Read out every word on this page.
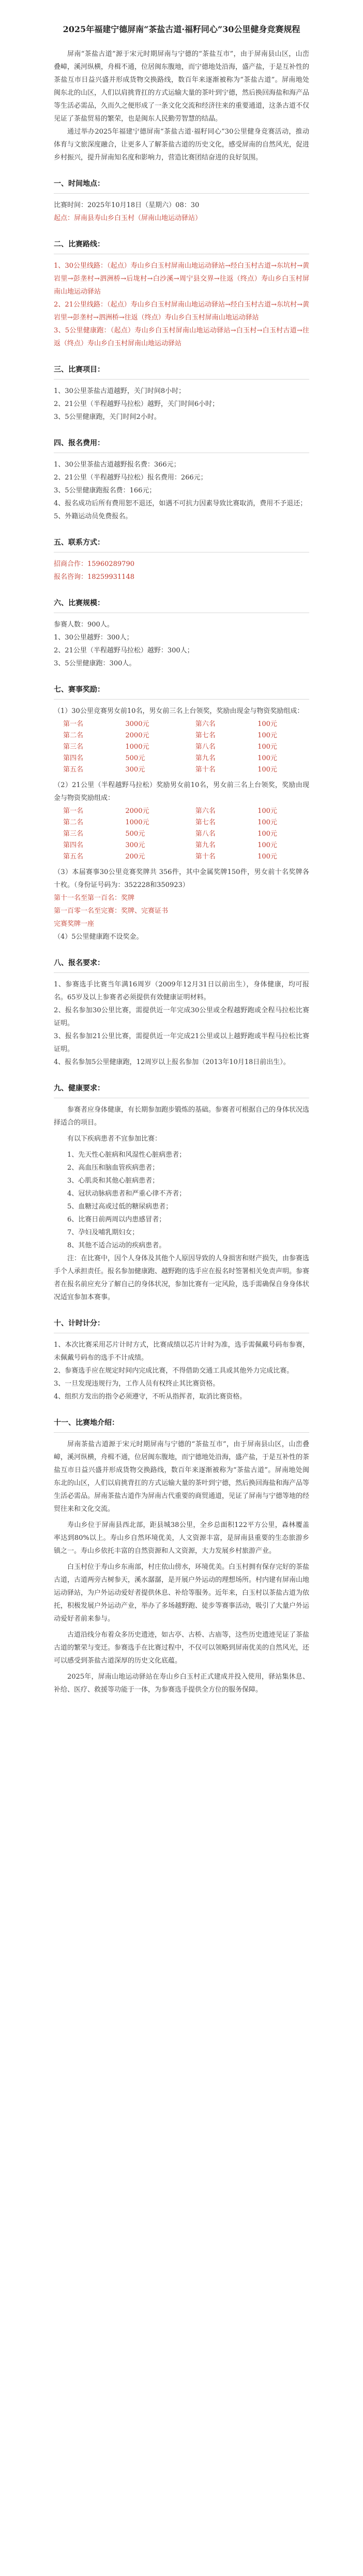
2025年福建宁德屏南“茶盐古道·福籽同心”30公里健身竞赛规程

屏南“茶盐古道”源于宋元时期屏南与宁德的“茶盐互市”，由于屏南县山区，山峦叠嶂，溪河纵横，舟楫不通，位居闽东腹地，而宁德地处沿海，盛产盐，于是互补性的茶盐互市日益兴盛并形成货物交换路线，数百年来逐渐被称为“茶盐古道”。屏南地处闽东北的山区，人们以肩挑背扛的方式运输大量的茶叶到宁德，然后换回海盐和海产品等生活必需品，久而久之便形成了一条文化交流和经济往来的重要通道，这条古道不仅见证了茶盐贸易的繁荣，也是闽东人民勤劳智慧的结晶。

通过举办2025年福建宁德屏南“茶盐古道·福籽同心”30公里健身竞赛活动，推动体育与文旅深度融合，让更多人了解茶盐古道的历史文化，感受屏南的自然风光，促进乡村振兴，提升屏南知名度和影响力，营造比赛团结奋进的良好氛围。

一、时间地点：

比赛时间：2025年10月18日（星期六）08：30

起点：屏南县寿山乡白玉村（屏南山地运动驿站）

二、比赛路线：

1、30公里线路：（起点）寿山乡白玉村屏南山地运动驿站→经白玉村古道→东坑村→黄岩里→彭垄村→泗洲桥→后垅村→白沙溪→周宁县交界→往返（终点）寿山乡白玉村屏南山地运动驿站

2、21公里线路：（起点）寿山乡白玉村屏南山地运动驿站→经白玉村古道→东坑村→黄岩里→彭垄村→泗洲桥→往返（终点）寿山乡白玉村屏南山地运动驿站

3、5公里健康跑：（起点）寿山乡白玉村屏南山地运动驿站→白玉村→白玉村古道→往返（终点）寿山乡白玉村屏南山地运动驿站

三、比赛项目：

1、30公里茶盐古道越野，关门时间8小时；

2、21公里（半程越野马拉松）越野，关门时间6小时；

3、5公里健康跑，关门时间2小时。

四、报名费用：

1、30公里茶盐古道越野报名费：366元；

2、21公里（半程越野马拉松）报名费用：266元；

3、5公里健康跑报名费：166元；

4、报名成功后所有费用恕不退还，如遇不可抗力因素导致比赛取消，费用不予退还；

5、外籍运动员免费报名。

五、联系方式：

招商合作：15960289790

报名咨询：18259931148

六、比赛规模：

参赛人数：900人。

1、30公里越野：300人；

2、21公里（半程越野马拉松）越野：300人；

3、5公里健康跑：300人。

七、赛事奖励：

（1）30公里竞赛男女前10名，男女前三名上台领奖，奖励由现金与物资奖励组成：

第一名	3000元	第六名	100元
第二名	2000元	第七名	100元
第三名	1000元	第八名	100元
第四名	500元	第九名	100元
第五名	300元	第十名	100元

（2）21公里（半程越野马拉松）奖励男女前10名，男女前三名上台领奖，奖励由现金与物资奖励组成：

第一名	2000元	第六名	100元
第二名	1000元	第七名	100元
第三名	500元	第八名	100元
第四名	300元	第九名	100元
第五名	200元	第十名	100元

（3）本届赛事30公里竞赛奖牌共 356件，其中金属奖牌150件，男女前十名奖牌各十枚。（身份证号码为：352228和350923）

第十一名至第一百名：奖牌

第一百零一名至完赛：奖牌、完赛证书

完赛奖牌一座

（4）5公里健康跑不设奖金。

八、报名要求：

1、参赛选手比赛当年满16周岁（2009年12月31日以前出生），身体健康，均可报名。65岁及以上参赛者必须提供有效健康证明材料。

2、报名参加30公里比赛，需提供近一年完成30公里或全程越野跑或全程马拉松比赛证明。

3、报名参加21公里比赛，需提供近一年完成21公里或以上越野跑或半程马拉松比赛证明。

4、报名参加5公里健康跑，12周岁以上报名参加（2013年10月18日前出生）。

九、健康要求：

参赛者应身体健康，有长期参加跑步锻炼的基础。参赛者可根据自己的身体状况选择适合的项目。

有以下疾病患者不宜参加比赛：

1、先天性心脏病和风湿性心脏病患者；
2、高血压和脑血管疾病患者；
3、心肌炎和其他心脏病患者；
4、冠状动脉病患者和严重心律不齐者；
5、血糖过高或过低的糖尿病患者；
6、比赛日前两周以内患感冒者；
7、孕妇及哺乳期妇女；
8、其他不适合运动的疾病患者。

注：在比赛中，因个人身体及其他个人原因导致的人身损害和财产损失，由参赛选手个人承担责任。报名参加健康跑、越野跑的选手应在报名时签署相关免责声明。参赛者在报名前应充分了解自己的身体状况，参加比赛有一定风险，选手需确保自身身体状况适宜参加本赛事。

十、计时计分：

1、本次比赛采用芯片计时方式，比赛成绩以芯片计时为准，选手需佩戴号码布参赛，未佩戴号码布的选手不计成绩。

2、参赛选手应在规定时间内完成比赛，不得借助交通工具或其他外力完成比赛。

3、一旦发现违规行为，工作人员有权终止其比赛资格。

4、组织方发出的指令必须遵守，不听从指挥者，取消比赛资格。

十一、比赛地介绍：

屏南茶盐古道源于宋元时期屏南与宁德的“茶盐互市”，由于屏南县山区，山峦叠嶂，溪河纵横，舟楫不通，位居闽东腹地，而宁德地处沿海，盛产盐，于是互补性的茶盐互市日益兴盛并形成货物交换路线，数百年来逐渐被称为“茶盐古道”。屏南地处闽东北的山区，人们以肩挑背扛的方式运输大量的茶叶到宁德，然后换回海盐和海产品等生活必需品。屏南茶盐古道作为屏南古代重要的商贸通道，见证了屏南与宁德等地的经贸往来和文化交流。

寿山乡位于屏南县西北部，距县城38公里，全乡总面积122平方公里，森林覆盖率达到80%以上。寿山乡自然环境优美，人文资源丰富，是屏南县重要的生态旅游乡镇之一。寿山乡依托丰富的自然资源和人文资源，大力发展乡村旅游产业。

白玉村位于寿山乡东南部，村庄依山傍水，环境优美。白玉村拥有保存完好的茶盐古道，古道两旁古树参天，溪水潺潺，是开展户外运动的理想场所。村内建有屏南山地运动驿站，为户外运动爱好者提供休息、补给等服务。近年来，白玉村以茶盐古道为依托，积极发展户外运动产业，举办了多场越野跑、徒步等赛事活动，吸引了大量户外运动爱好者前来参与。

古道沿线分布着众多历史遗迹，如古亭、古桥、古庙等，这些历史遗迹见证了茶盐古道的繁荣与变迁。参赛选手在比赛过程中，不仅可以领略到屏南优美的自然风光，还可以感受到茶盐古道深厚的历史文化底蕴。

2025年，屏南山地运动驿站在寿山乡白玉村正式建成并投入使用，驿站集休息、补给、医疗、救援等功能于一体，为参赛选手提供全方位的服务保障。
